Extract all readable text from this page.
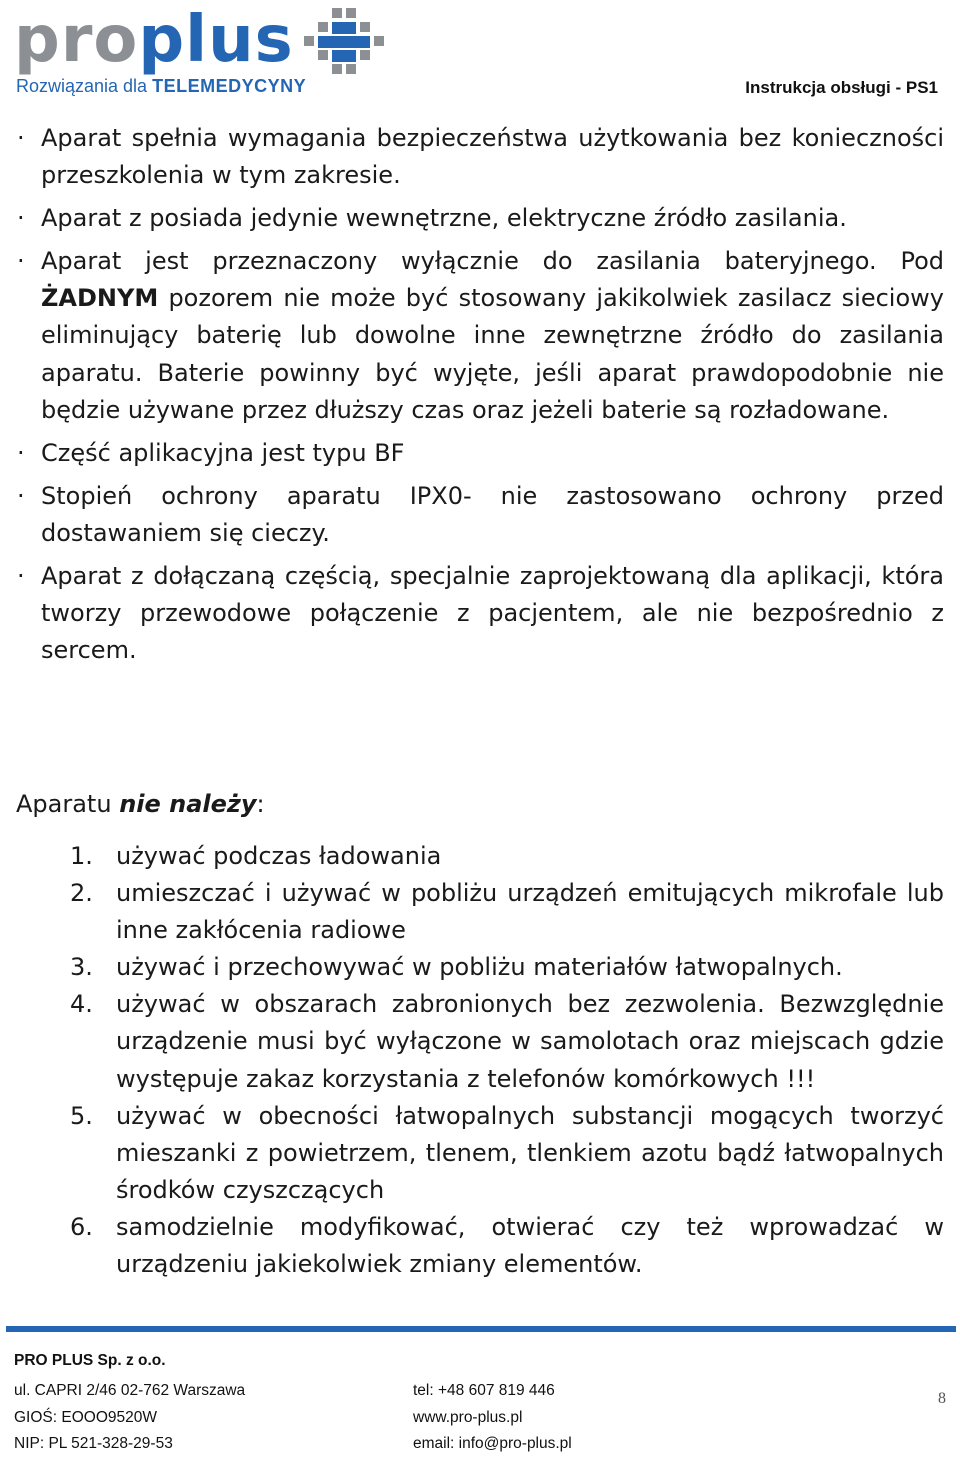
proplus
Rozwiązania dla TELEMEDYCYNY	Instrukcja obsługi - PS1
· Aparat spełnia wymagania bezpieczeństwa użytkowania bez konieczności przeszkolenia w tym zakresie.
· Aparat z posiada jedynie wewnętrzne, elektryczne źródło zasilania.
· Aparat jest przeznaczony wyłącznie do zasilania bateryjnego. Pod ŻADNYM pozorem nie może być stosowany jakikolwiek zasilacz sieciowy eliminujący baterię lub dowolne inne zewnętrzne źródło do zasilania aparatu. Baterie powinny być wyjęte, jeśli aparat prawdopodobnie nie będzie używane przez dłuższy czas oraz jeżeli baterie są rozładowane.
· Część aplikacyjna jest typu BF
· Stopień ochrony aparatu IPX0- nie zastosowano ochrony przed dostawaniem się cieczy.
· Aparat z dołączaną częścią, specjalnie zaprojektowaną dla aplikacji, która tworzy przewodowe połączenie z pacjentem, ale nie bezpośrednio z sercem.
Aparatu nie należy:
1. używać podczas ładowania
2. umieszczać i używać w pobliżu urządzeń emitujących mikrofale lub inne zakłócenia radiowe
3. używać i przechowywać w pobliżu materiałów łatwopalnych.
4. używać w obszarach zabronionych bez zezwolenia. Bezwzględnie urządzenie musi być wyłączone w samolotach oraz miejscach gdzie występuje zakaz korzystania z telefonów komórkowych !!!
5. używać w obecności łatwopalnych substancji mogących tworzyć mieszanki z powietrzem, tlenem, tlenkiem azotu bądź łatwopalnych środków czyszczących
6. samodzielnie modyfikować, otwierać czy też wprowadzać w urządzeniu jakiekolwiek zmiany elementów.
PRO PLUS Sp. z o.o.
ul. CAPRI 2/46 02-762 Warszawa
GIOŚ: EOOO9520W
NIP: PL 521-328-29-53
tel: +48 607 819 446
www.pro-plus.pl
email: info@pro-plus.pl
8
